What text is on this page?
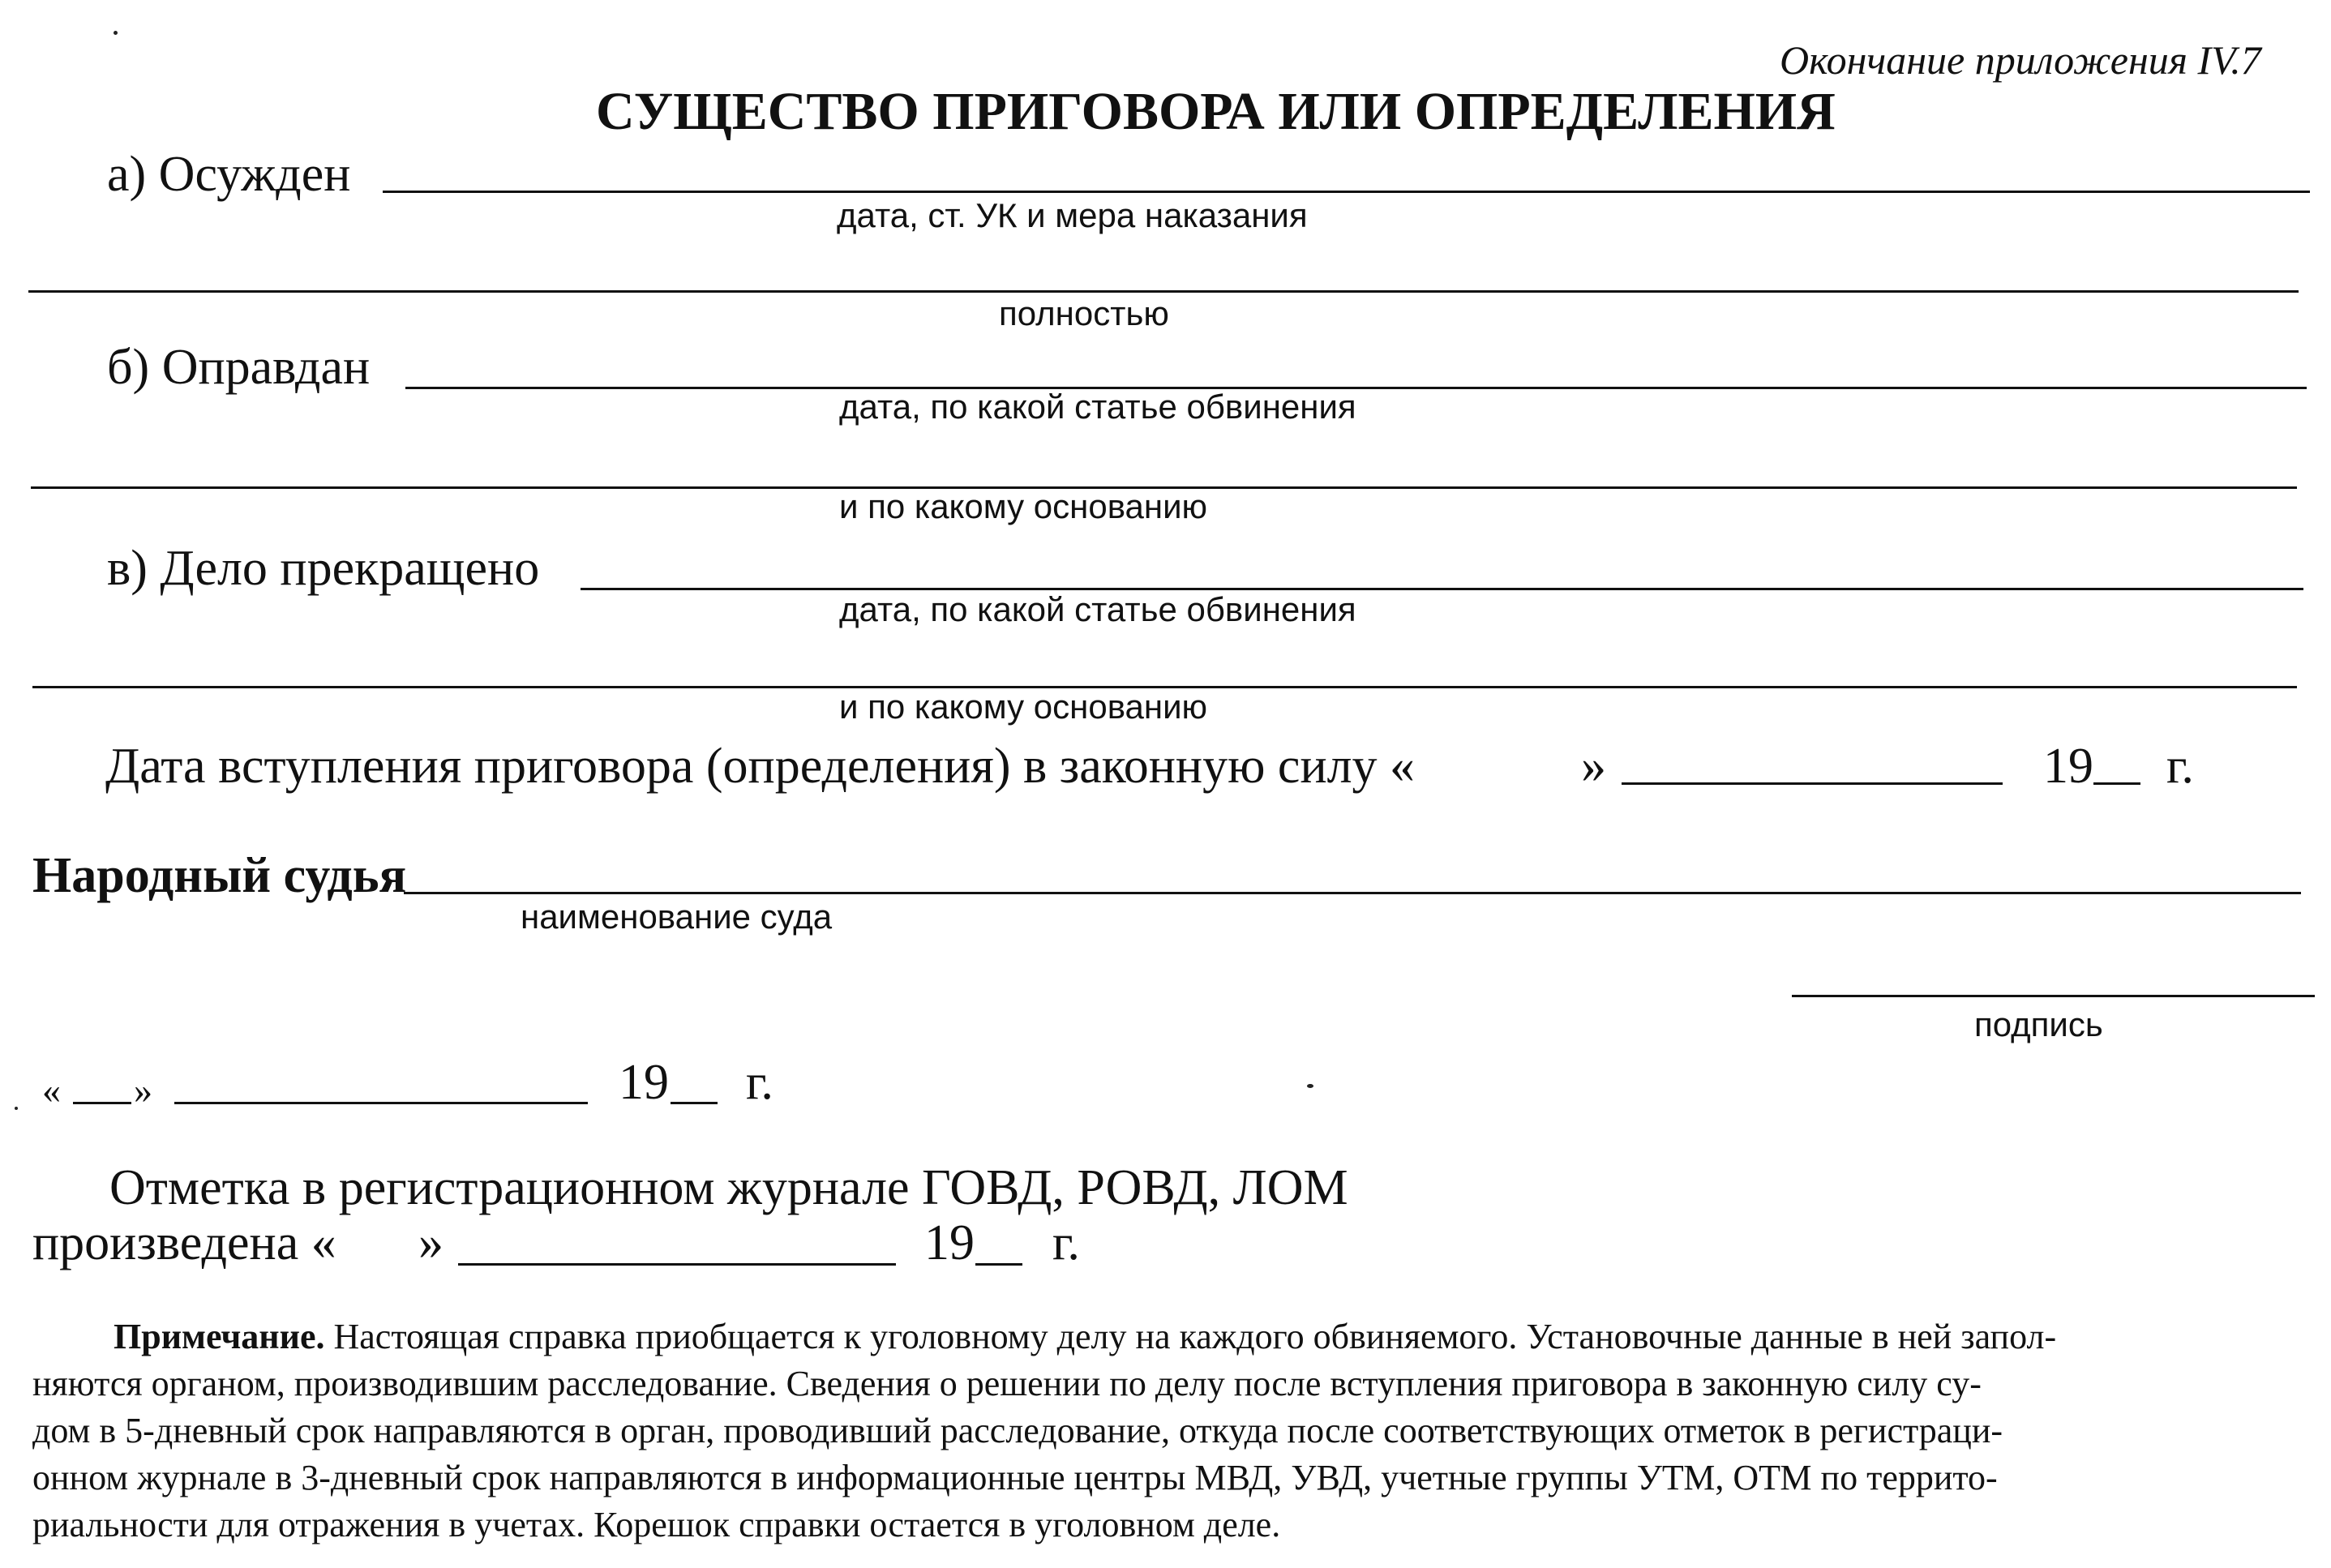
Окончание приложения IV.7
СУЩЕСТВО ПРИГОВОРА ИЛИ ОПРЕДЕЛЕНИЯ
а) Осужден
дата, ст. УК и мера наказания
полностью
б) Оправдан
дата, по какой статье обвинения
и по какому основанию
в) Дело прекращено
дата, по какой статье обвинения
и по какому основанию
Дата вступления приговора (определения) в законную силу «	»	19 г.
Народный судья
наименование суда
подпись
« »	19 г.
Отметка в регистрационном журнале ГОВД, РОВД, ЛОМ
произведена « »	19 г.
Примечание. Настоящая справка приобщается к уголовному делу на каждого обвиняемого. Установочные данные в ней запол-
няются органом, производившим расследование. Сведения о решении по делу после вступления приговора в законную силу су-
дом в 5-дневный срок направляются в орган, проводивший расследование, откуда после соответствующих отметок в регистраци-
онном журнале в 3-дневный срок направляются в информационные центры МВД, УВД, учетные группы УТМ, ОТМ по террито-
риальности для отражения в учетах. Корешок справки остается в уголовном деле.
